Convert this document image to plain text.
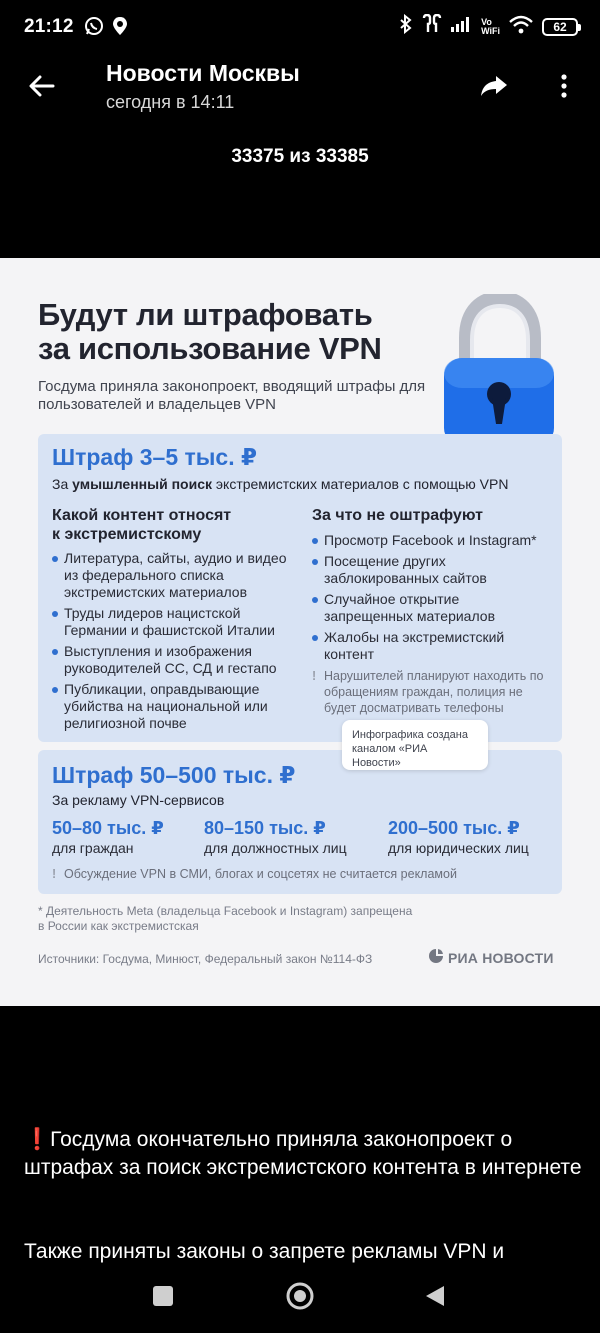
21:12	Vo
WiFi	62
Новости Москвы
сегодня в 14:11
33375 из 33385
Будут ли штрафовать
за использование VPN
Госдума приняла законопроект, вводящий штрафы для пользователей и владельцев VPN
Штраф 3–5 тыс. ₽
За умышленный поиск экстремистских материалов с помощью VPN
Какой контент относят
к экстремистскому
Литература, сайты, аудио и видео из федерального списка экстремистских материалов
Труды лидеров нацистской Германии и фашистской Италии
Выступления и изображения руководителей СС, СД и гестапо
Публикации, оправдывающие убийства на национальной или религиозной почве
За что не оштрафуют
Просмотр Facebook и Instagram*
Посещение других заблокированных сайтов
Случайное открытие запрещенных материалов
Жалобы на экстремистский контент
! Нарушителей планируют находить по обращениям граждан, полиция не будет досматривать телефоны
Штраф 50–500 тыс. ₽
За рекламу VPN-сервисов
50–80 тыс. ₽
для граждан
80–150 тыс. ₽
для должностных лиц
200–500 тыс. ₽
для юридических лиц
! Обсуждение VPN в СМИ, блогах и соцсетях не считается рекламой
Инфографика создана каналом «РИА Новости»
* Деятельность Meta (владельца Facebook и Instagram) запрещена в России как экстремистская
Источники: Госдума, Минюст, Федеральный закон №114-ФЗ	РИА НОВОСТИ
❗Госдума окончательно приняла законопроект о штрафах за поиск экстремистского контента в интернете
Также приняты законы о запрете рекламы VPN и
